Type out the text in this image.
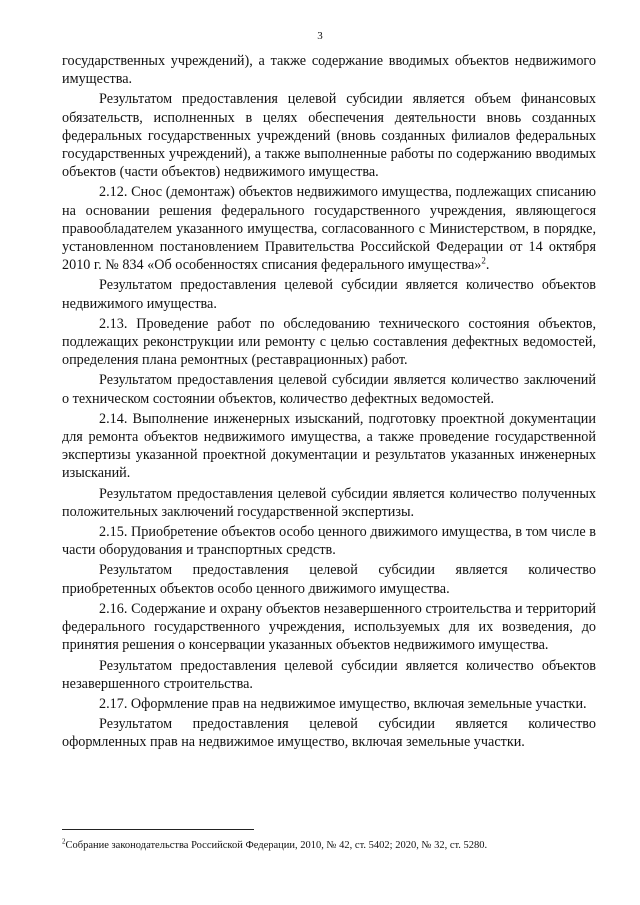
3

государственных учреждений), а также содержание вводимых объектов недвижимого имущества.

Результатом предоставления целевой субсидии является объем финансовых обязательств, исполненных в целях обеспечения деятельности вновь созданных федеральных государственных учреждений (вновь созданных филиалов федеральных государственных учреждений), а также выполненные работы по содержанию вводимых объектов (части объектов) недвижимого имущества.

2.12. Снос (демонтаж) объектов недвижимого имущества, подлежащих списанию на основании решения федерального государственного учреждения, являющегося правообладателем указанного имущества, согласованного с Министерством, в порядке, установленном постановлением Правительства Российской Федерации от 14 октября 2010 г. № 834 «Об особенностях списания федерального имущества»$^2$.

Результатом предоставления целевой субсидии является количество объектов недвижимого имущества.

2.13. Проведение работ по обследованию технического состояния объектов, подлежащих реконструкции или ремонту с целью составления дефектных ведомостей, определения плана ремонтных (реставрационных) работ.

Результатом предоставления целевой субсидии является количество заключений о техническом состоянии объектов, количество дефектных ведомостей.

2.14. Выполнение инженерных изысканий, подготовку проектной документации для ремонта объектов недвижимого имущества, а также проведение государственной экспертизы указанной проектной документации и результатов указанных инженерных изысканий.

Результатом предоставления целевой субсидии является количество полученных положительных заключений государственной экспертизы.

2.15. Приобретение объектов особо ценного движимого имущества, в том числе в части оборудования и транспортных средств.

Результатом предоставления целевой субсидии является количество приобретенных объектов особо ценного движимого имущества.

2.16. Содержание и охрану объектов незавершенного строительства и территорий федерального государственного учреждения, используемых для их возведения, до принятия решения о консервации указанных объектов недвижимого имущества.

Результатом предоставления целевой субсидии является количество объектов незавершенного строительства.

2.17. Оформление прав на недвижимое имущество, включая земельные участки.

Результатом предоставления целевой субсидии является количество оформленных прав на недвижимое имущество, включая земельные участки.

$^2$Собрание законодательства Российской Федерации, 2010, № 42, ст. 5402; 2020, № 32, ст. 5280.
